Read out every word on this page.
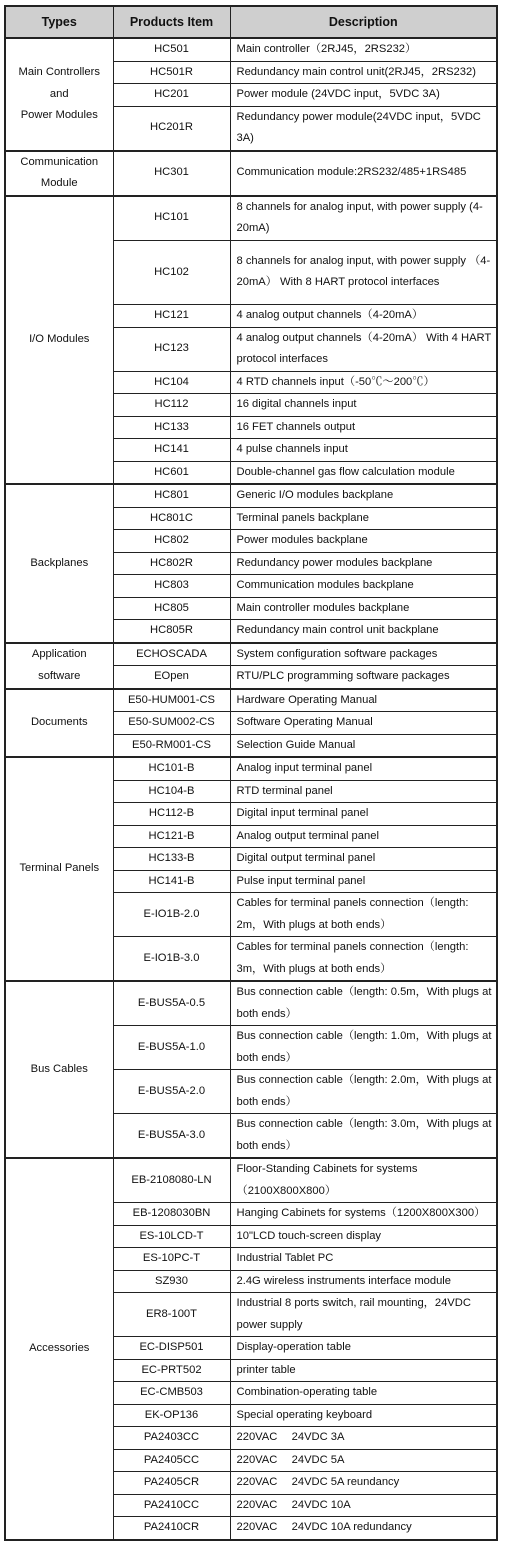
Types	Products Item	Description

Main Controllers
and
Power Modules	HC501	Main controller（2RJ45，2RS232）
	HC501R	Redundancy main control unit(2RJ45，2RS232)
	HC201	Power module (24VDC input，5VDC 3A)
	HC201R	Redundancy power module(24VDC input，5VDC 3A)

Communication
Module	HC301	Communication module:2RS232/485+1RS485

I/O Modules	HC101	8 channels for analog input, with power supply (4-20mA)
	HC102	8 channels for analog input, with power supply （4-20mA） With 8 HART protocol interfaces
	HC121	4 analog output channels（4-20mA）
	HC123	4 analog output channels（4-20mA） With 4 HART protocol interfaces
	HC104	4 RTD channels input（-50℃～200℃）
	HC112	16 digital channels input
	HC133	16 FET channels output
	HC141	4 pulse channels input
	HC601	Double-channel gas flow calculation module

Backplanes	HC801	Generic I/O modules backplane
	HC801C	Terminal panels backplane
	HC802	Power modules backplane
	HC802R	Redundancy power modules backplane
	HC803	Communication modules backplane
	HC805	Main controller modules backplane
	HC805R	Redundancy main control unit backplane

Application
software	ECHOSCADA	System configuration software packages
	EOpen	RTU/PLC programming software packages

Documents	E50-HUM001-CS	Hardware Operating Manual
	E50-SUM002-CS	Software Operating Manual
	E50-RM001-CS	Selection Guide Manual

Terminal Panels	HC101-B	Analog input terminal panel
	HC104-B	RTD terminal panel
	HC112-B	Digital input terminal panel
	HC121-B	Analog output terminal panel
	HC133-B	Digital output terminal panel
	HC141-B	Pulse input terminal panel
	E-IO1B-2.0	Cables for terminal panels connection（length: 2m，With plugs at both ends）
	E-IO1B-3.0	Cables for terminal panels connection（length: 3m，With plugs at both ends）

Bus Cables	E-BUS5A-0.5	Bus connection cable（length: 0.5m，With plugs at both ends）
	E-BUS5A-1.0	Bus connection cable（length: 1.0m，With plugs at both ends）
	E-BUS5A-2.0	Bus connection cable（length: 2.0m，With plugs at both ends）
	E-BUS5A-3.0	Bus connection cable（length: 3.0m，With plugs at both ends）

Accessories	EB-2108080-LN	Floor-Standing Cabinets for systems （2100X800X800）
	EB-1208030BN	Hanging Cabinets for systems（1200X800X300）
	ES-10LCD-T	10"LCD touch-screen display
	ES-10PC-T	Industrial Tablet PC
	SZ930	2.4G wireless instruments interface module
	ER8-100T	Industrial 8 ports switch, rail mounting，24VDC power supply
	EC-DISP501	Display-operation table
	EC-PRT502	printer table
	EC-CMB503	Combination-operating table
	EK-OP136	Special operating keyboard
	PA2403CC	220VAC　 24VDC 3A
	PA2405CC	220VAC　 24VDC 5A
	PA2405CR	220VAC　 24VDC 5A reundancy
	PA2410CC	220VAC　 24VDC 10A
	PA2410CR	220VAC　 24VDC 10A redundancy
